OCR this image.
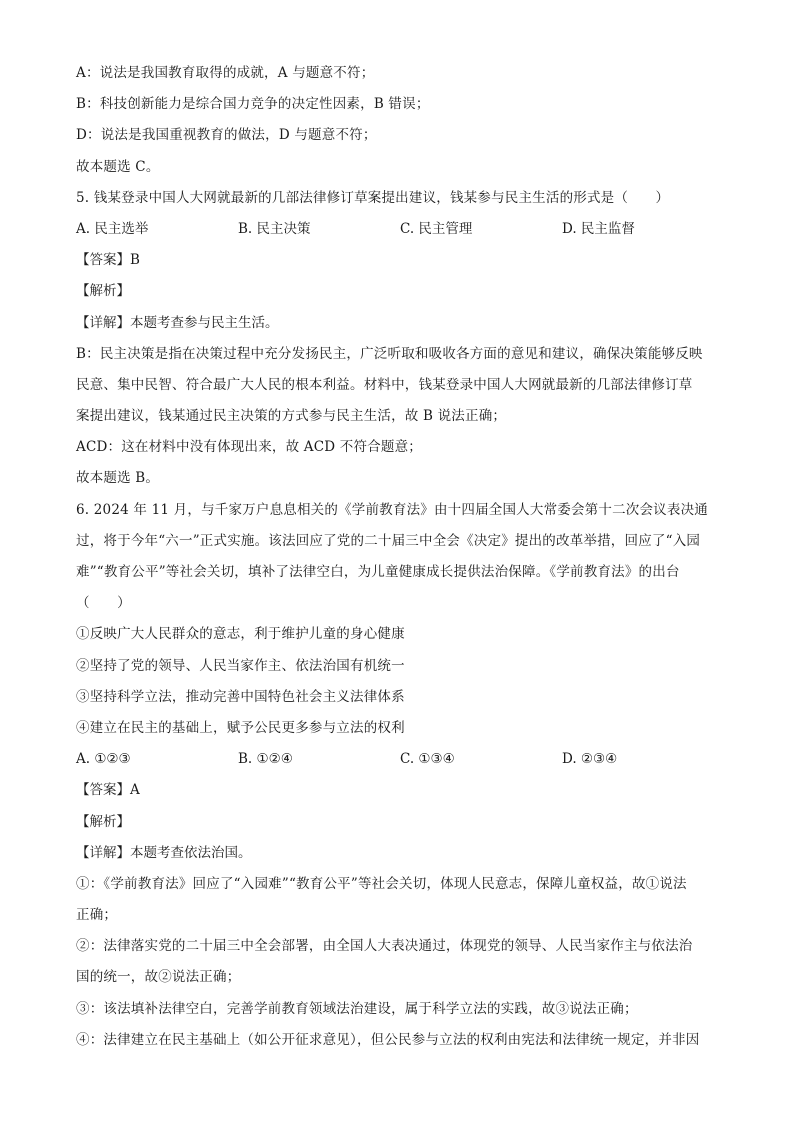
A：说法是我国教育取得的成就，A 与题意不符；
B：科技创新能力是综合国力竞争的决定性因素，B 错误；
D：说法是我国重视教育的做法，D 与题意不符；
故本题选 C。
5. 钱某登录中国人大网就最新的几部法律修订草案提出建议，钱某参与民主生活的形式是（　　）
A. 民主选举	B. 民主决策	C. 民主管理	D. 民主监督
【答案】B
【解析】
【详解】本题考查参与民主生活。
B：民主决策是指在决策过程中充分发扬民主，广泛听取和吸收各方面的意见和建议，确保决策能够反映
民意、集中民智、符合最广大人民的根本利益。材料中，钱某登录中国人大网就最新的几部法律修订草
案提出建议，钱某通过民主决策的方式参与民主生活，故 B 说法正确；
ACD：这在材料中没有体现出来，故 ACD 不符合题意；
故本题选 B。
6. 2024 年 11 月，与千家万户息息相关的《学前教育法》由十四届全国人大常委会第十二次会议表决通
过，将于今年“六一”正式实施。该法回应了党的二十届三中全会《决定》提出的改革举措，回应了“入园
难”“教育公平”等社会关切，填补了法律空白，为儿童健康成长提供法治保障。《学前教育法》的出台
（　　）
①反映广大人民群众的意志，利于维护儿童的身心健康
②坚持了党的领导、人民当家作主、依法治国有机统一
③坚持科学立法，推动完善中国特色社会主义法律体系
④建立在民主的基础上，赋予公民更多参与立法的权利
A. ①②③	B. ①②④	C. ①③④	D. ②③④
【答案】A
【解析】
【详解】本题考查依法治国。
①：《学前教育法》回应了“入园难”“教育公平”等社会关切，体现人民意志，保障儿童权益，故①说法
正确；
②：法律落实党的二十届三中全会部署，由全国人大表决通过，体现党的领导、人民当家作主与依法治
国的统一，故②说法正确；
③：该法填补法律空白，完善学前教育领域法治建设，属于科学立法的实践，故③说法正确；
④：法律建立在民主基础上（如公开征求意见），但公民参与立法的权利由宪法和法律统一规定，并非因
